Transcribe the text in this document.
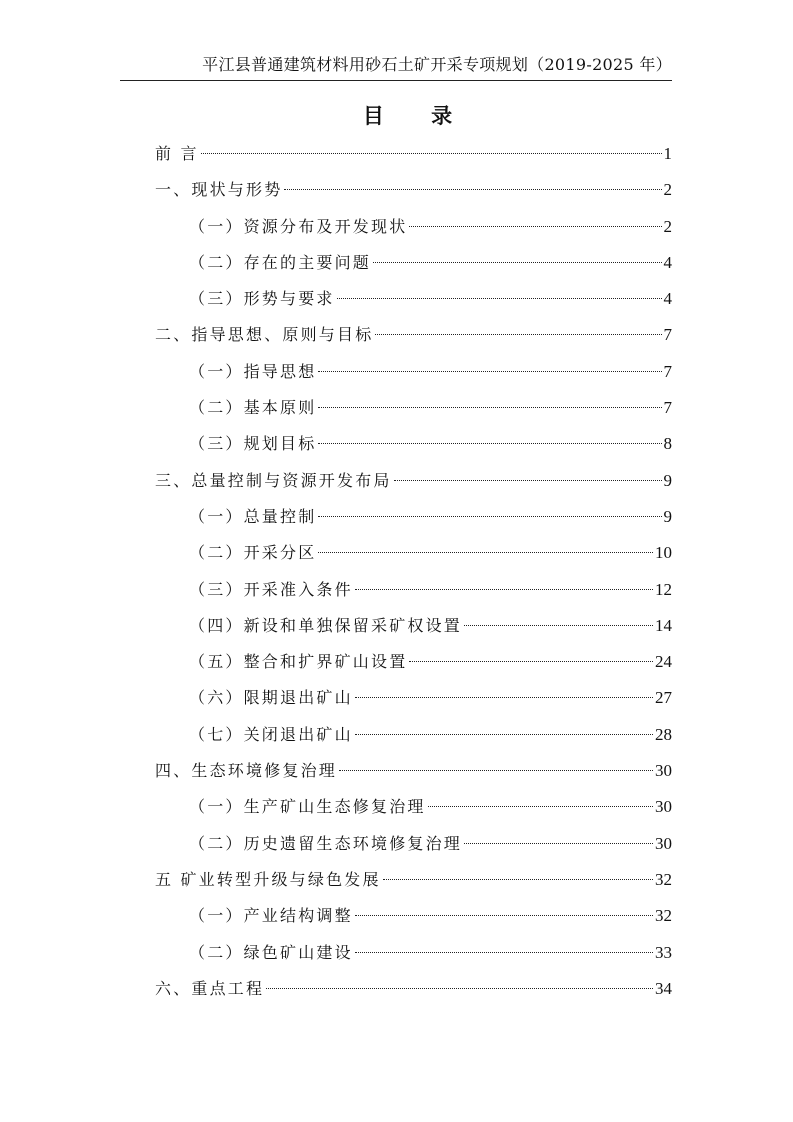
平江县普通建筑材料用砂石土矿开采专项规划（2019-2025 年）
目 录
前 言	1
一、现状与形势	2
（一）资源分布及开发现状	2
（二）存在的主要问题	4
（三）形势与要求	4
二、指导思想、原则与目标	7
（一）指导思想	7
（二）基本原则	7
（三）规划目标	8
三、总量控制与资源开发布局	9
（一）总量控制	9
（二）开采分区	10
（三）开采准入条件	12
（四）新设和单独保留采矿权设置	14
（五）整合和扩界矿山设置	24
（六）限期退出矿山	27
（七）关闭退出矿山	28
四、生态环境修复治理	30
（一）生产矿山生态修复治理	30
（二）历史遗留生态环境修复治理	30
五 矿业转型升级与绿色发展	32
（一）产业结构调整	32
（二）绿色矿山建设	33
六、重点工程	34
